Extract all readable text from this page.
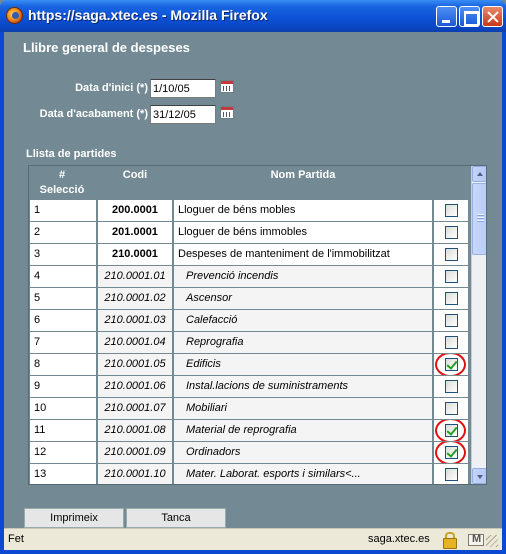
https://saga.xtec.es - Mozilla Firefox
Llibre general de despeses
Data d'inici (*)
1/10/05
Data d'acabament (*)
31/12/05
Llista de partides
#
Selecció
Codi	Nom Partida
1	200.0001	Lloguer de béns mobles
2	201.0001	Lloguer de béns immobles
3	210.0001	Despeses de manteniment de l'immobilitzat
4	210.0001.01	Prevenció incendis
5	210.0001.02	Ascensor
6	210.0001.03	Calefacció
7	210.0001.04	Reprografia
8	210.0001.05	Edificis
9	210.0001.06	Instal.lacions de suministraments
10	210.0001.07	Mobiliari
11	210.0001.08	Material de reprografia
12	210.0001.09	Ordinadors
13	210.0001.10	Mater. Laborat. esports i similars<...
Imprimeix	Tanca
Fet	saga.xtec.es
M
